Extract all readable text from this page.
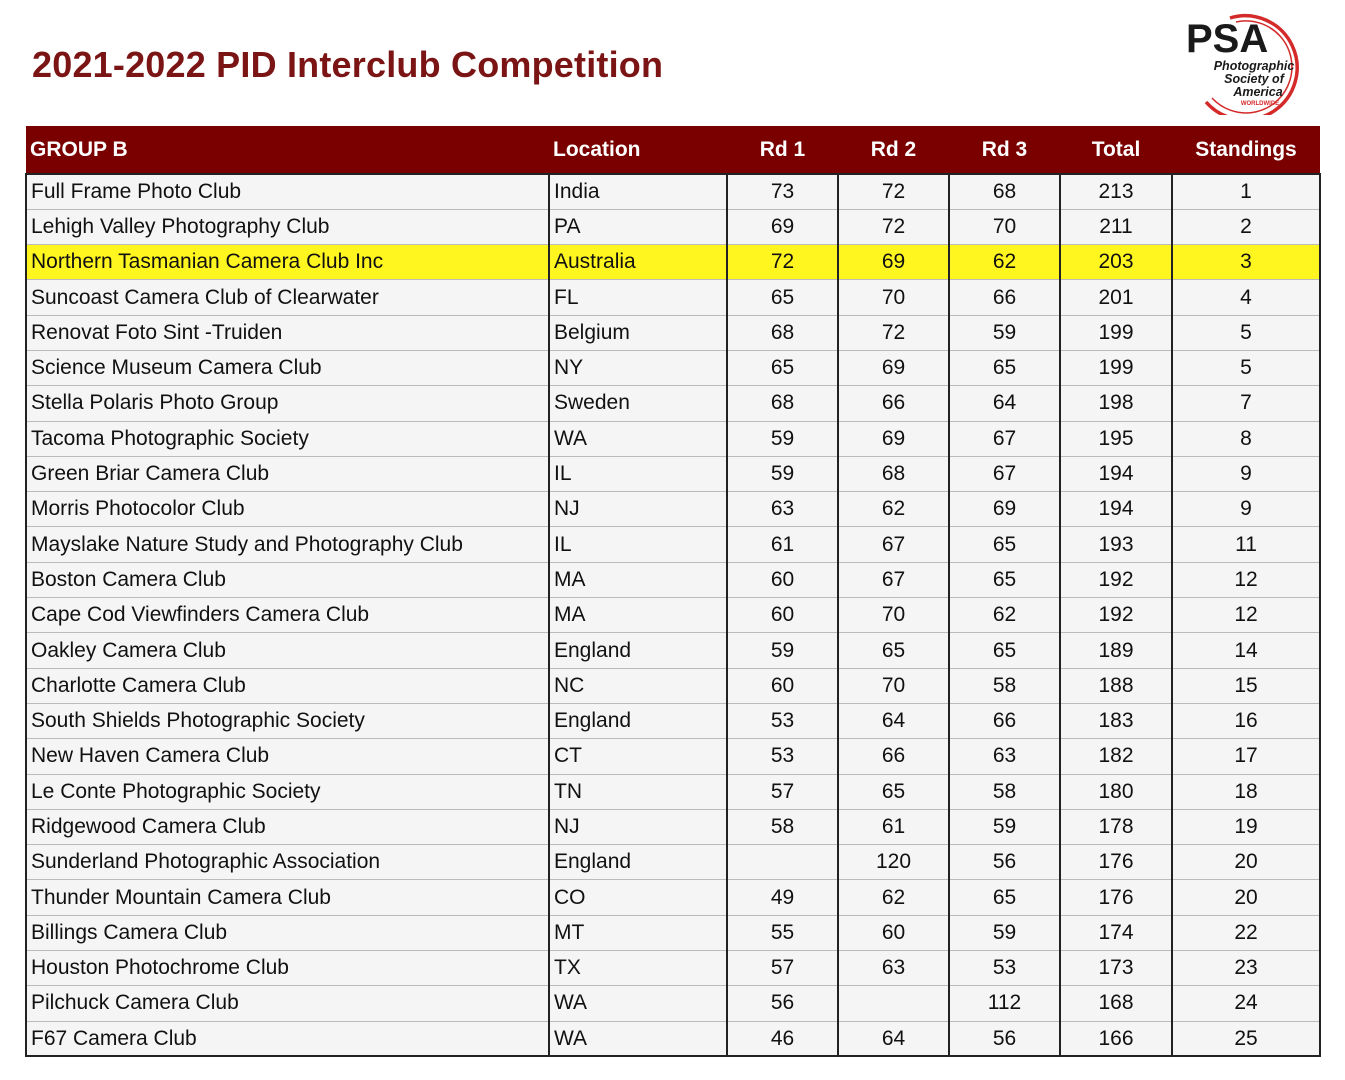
2021-2022 PID Interclub Competition
PSA
Photographic
Society of
America
WORLDWIDE
GROUP B	Location	Rd 1	Rd 2	Rd 3	Total	Standings
Full Frame Photo Club	India	73	72	68	213	1
Lehigh Valley Photography Club	PA	69	72	70	211	2
Northern Tasmanian Camera Club Inc	Australia	72	69	62	203	3
Suncoast Camera Club of Clearwater	FL	65	70	66	201	4
Renovat Foto Sint -Truiden	Belgium	68	72	59	199	5
Science Museum Camera Club	NY	65	69	65	199	5
Stella Polaris Photo Group	Sweden	68	66	64	198	7
Tacoma Photographic Society	WA	59	69	67	195	8
Green Briar Camera Club	IL	59	68	67	194	9
Morris Photocolor Club	NJ	63	62	69	194	9
Mayslake Nature Study and Photography Club	IL	61	67	65	193	11
Boston Camera Club	MA	60	67	65	192	12
Cape Cod Viewfinders Camera Club	MA	60	70	62	192	12
Oakley Camera Club	England	59	65	65	189	14
Charlotte Camera Club	NC	60	70	58	188	15
South Shields Photographic Society	England	53	64	66	183	16
New Haven Camera Club	CT	53	66	63	182	17
Le Conte Photographic Society	TN	57	65	58	180	18
Ridgewood Camera Club	NJ	58	61	59	178	19
Sunderland Photographic Association	England		120	56	176	20
Thunder Mountain Camera Club	CO	49	62	65	176	20
Billings Camera Club	MT	55	60	59	174	22
Houston Photochrome Club	TX	57	63	53	173	23
Pilchuck Camera Club	WA	56		112	168	24
F67 Camera Club	WA	46	64	56	166	25
